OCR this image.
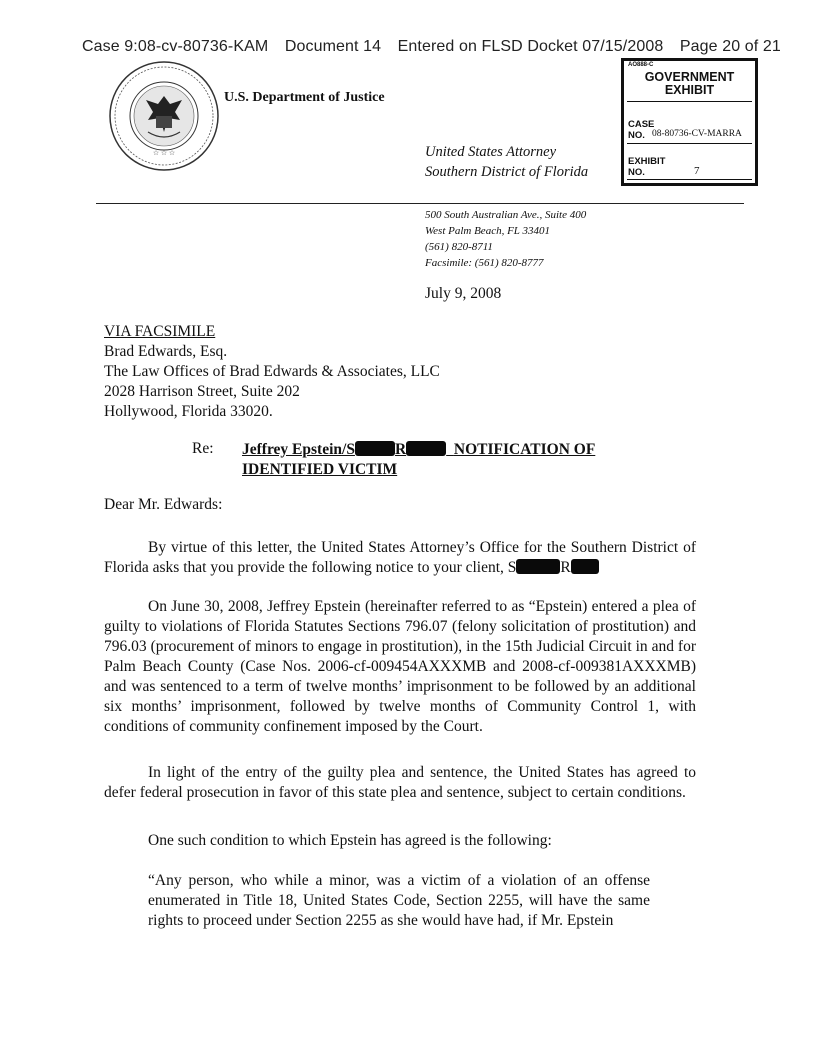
Case 9:08-cv-80736-KAM Document 14 Entered on FLSD Docket 07/15/2008 Page 20 of 21
☆ ☆ ☆
U.S. Department of Justice
United States Attorney
Southern District of Florida
AO888-C
GOVERNMENT
EXHIBIT
CASE
NO. 08-80736-CV-MARRA
EXHIBIT
NO.	7
500 South Australian Ave., Suite 400
West Palm Beach, FL 33401
(561) 820-8711
Facsimile: (561) 820-8777
July 9, 2008
VIA FACSIMILE
Brad Edwards, Esq.
The Law Offices of Brad Edwards & Associates, LLC
2028 Harrison Street, Suite 202
Hollywood, Florida 33020.
Re: Jeffrey Epstein/S	R	NOTIFICATION OF
IDENTIFIED VICTIM
Dear Mr. Edwards:
By virtue of this letter, the United States Attorney’s Office for the Southern District of Florida asks that you provide the following notice to your client, S	R
On June 30, 2008, Jeffrey Epstein (hereinafter referred to as “Epstein) entered a plea of guilty to violations of Florida Statutes Sections 796.07 (felony solicitation of prostitution) and 796.03 (procurement of minors to engage in prostitution), in the 15th Judicial Circuit in and for Palm Beach County (Case Nos. 2006-cf-009454AXXXMB and 2008-cf-009381AXXXMB) and was sentenced to a term of twelve months’ imprisonment to be followed by an additional six months’ imprisonment, followed by twelve months of Community Control 1, with conditions of community confinement imposed by the Court.
In light of the entry of the guilty plea and sentence, the United States has agreed to defer federal prosecution in favor of this state plea and sentence, subject to certain conditions.
One such condition to which Epstein has agreed is the following:
“Any person, who while a minor, was a victim of a violation of an offense enumerated in Title 18, United States Code, Section 2255, will have the same rights to proceed under Section 2255 as she would have had, if Mr. Epstein
